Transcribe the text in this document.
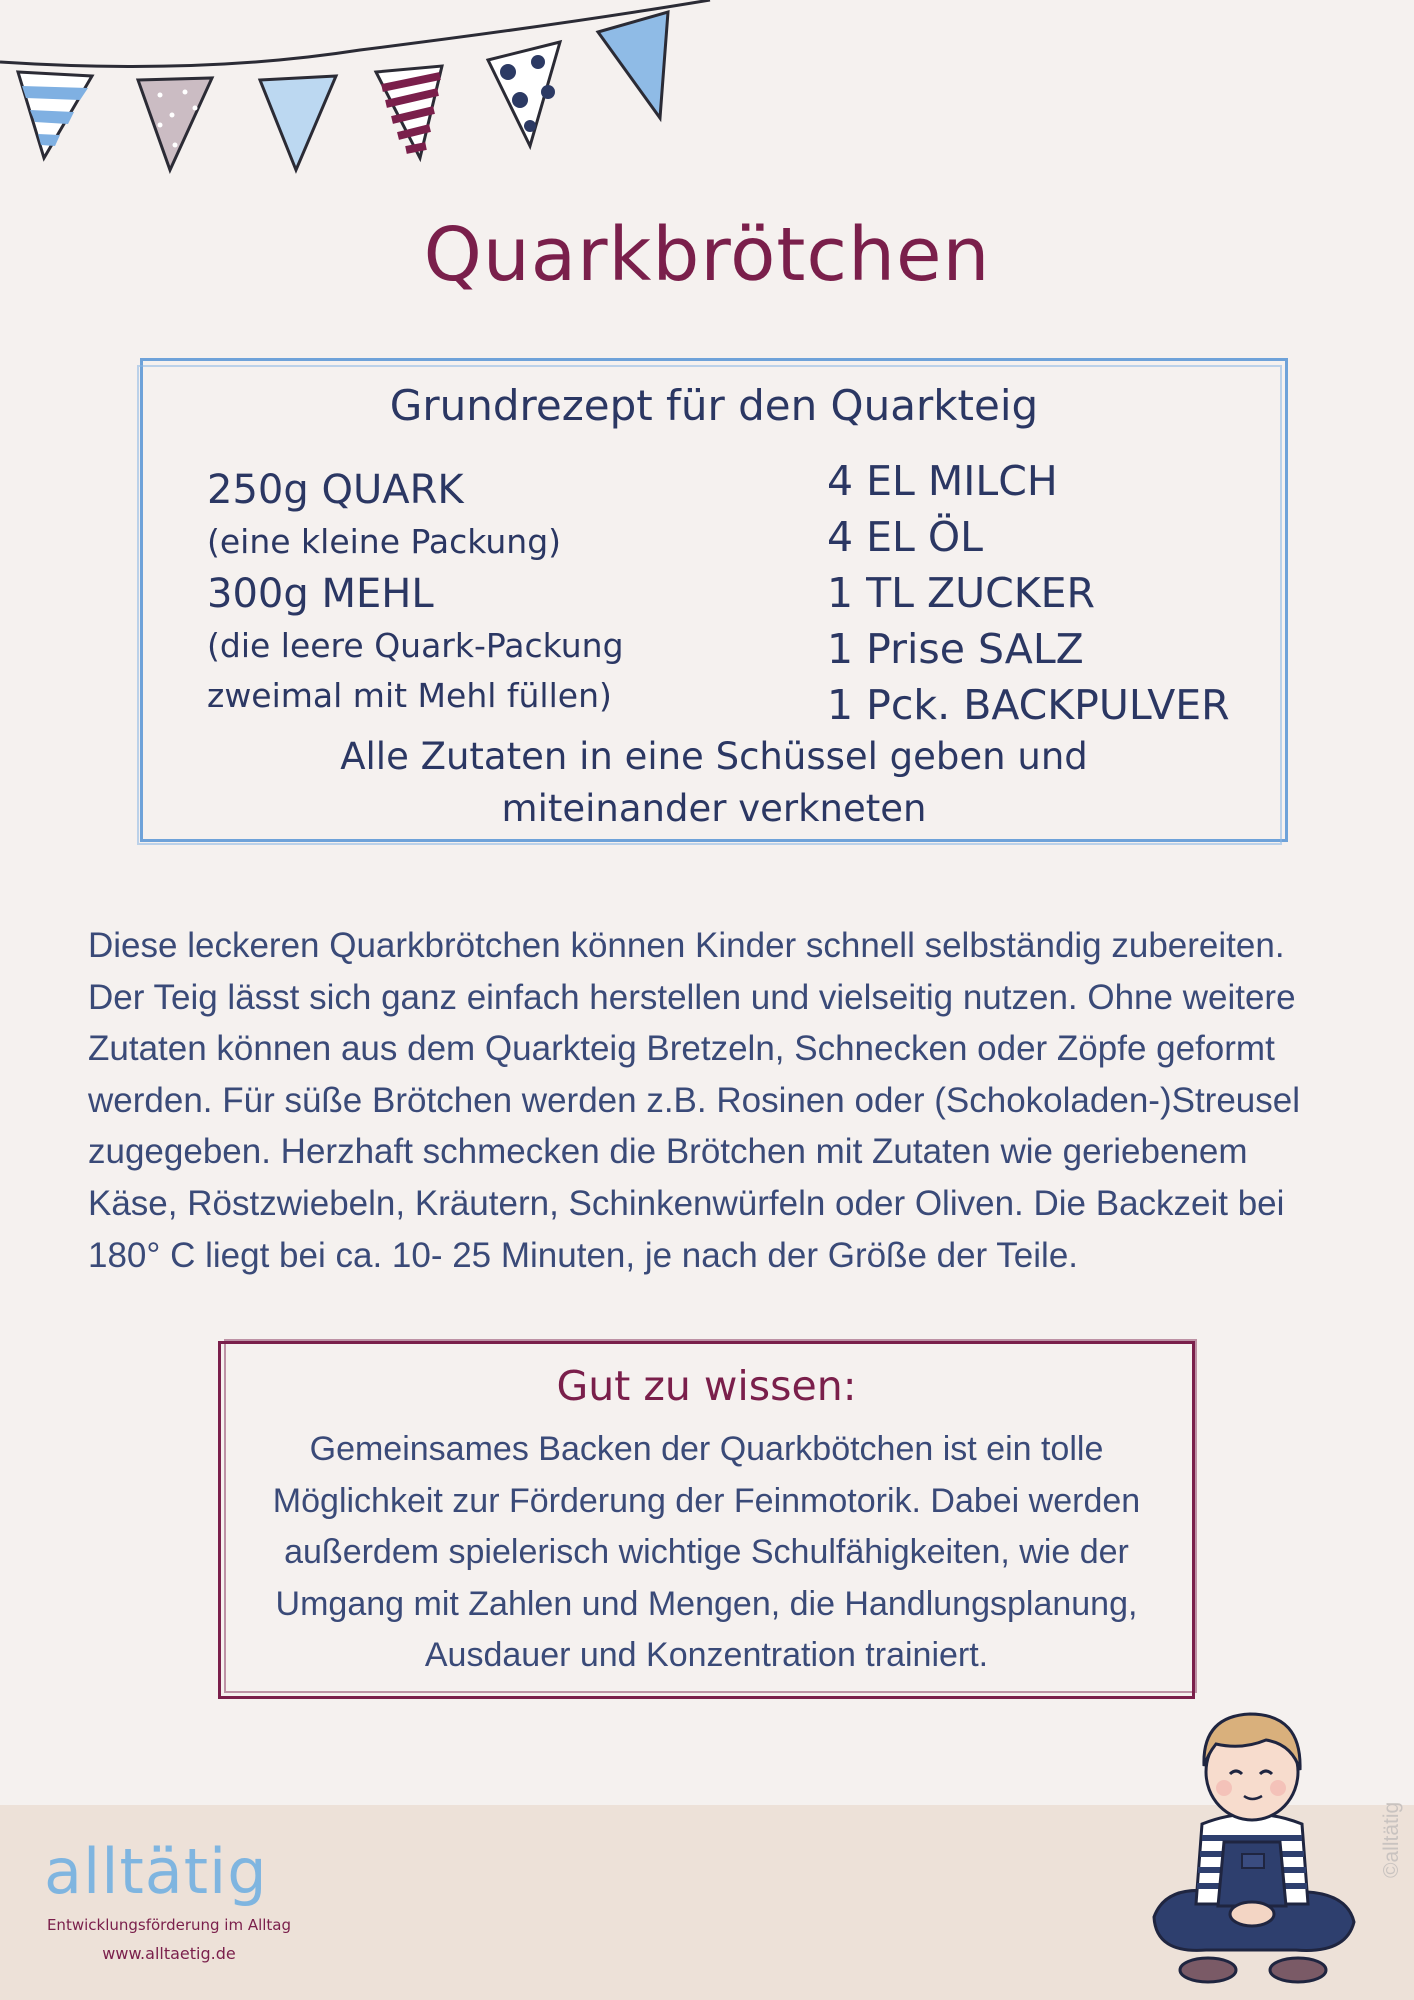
Quarkbrötchen
Grundrezept für den Quarkteig
250g QUARK
(eine kleine Packung)
300g MEHL
(die leere Quark-Packung
zweimal mit Mehl füllen)
4 EL MILCH
4 EL ÖL
1 TL ZUCKER
1 Prise SALZ
1 Pck. BACKPULVER
Alle Zutaten in eine Schüssel geben und
miteinander verkneten
Diese leckeren Quarkbrötchen können Kinder schnell selbständig zubereiten.
Der Teig lässt sich ganz einfach herstellen und vielseitig nutzen. Ohne weitere
Zutaten können aus dem Quarkteig Bretzeln, Schnecken oder Zöpfe geformt
werden. Für süße Brötchen werden z.B. Rosinen oder (Schokoladen-)Streusel
zugegeben. Herzhaft schmecken die Brötchen mit Zutaten wie geriebenem
Käse, Röstzwiebeln, Kräutern, Schinkenwürfeln oder Oliven. Die Backzeit bei
180° C liegt bei ca. 10- 25 Minuten, je nach der Größe der Teile.
Gut zu wissen:
Gemeinsames Backen der Quarkbötchen ist ein tolle
Möglichkeit zur Förderung der Feinmotorik. Dabei werden
außerdem spielerisch wichtige Schulfähigkeiten, wie der
Umgang mit Zahlen und Mengen, die Handlungsplanung,
Ausdauer und Konzentration trainiert.
alltätig
Entwicklungsförderung im Alltag
www.alltaetig.de
©alltätig
